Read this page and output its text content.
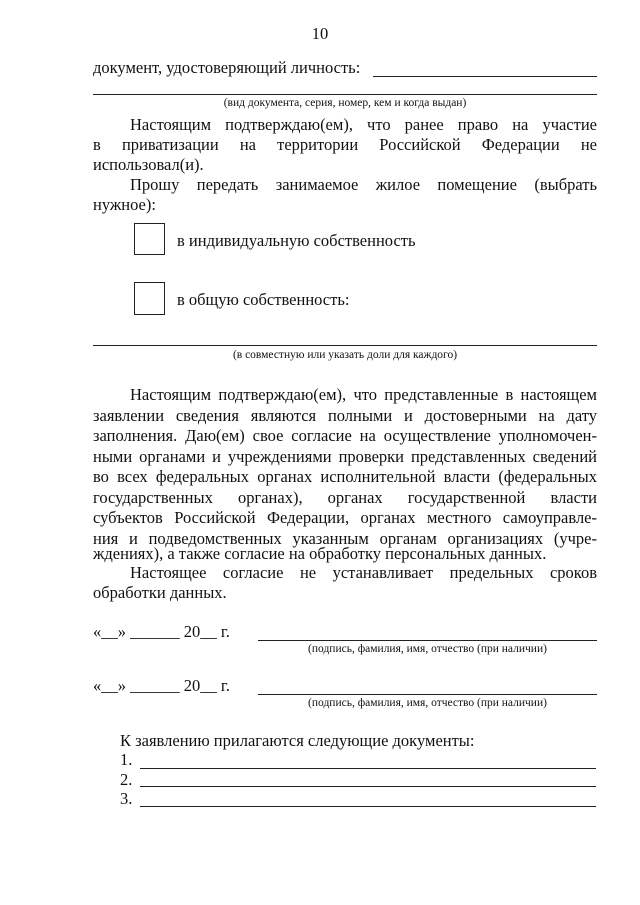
10
документ, удостоверяющий личность:
(вид документа, серия, номер, кем и когда выдан)
Настоящим подтверждаю(ем), что ранее право на участие
в приватизации на территории Российской Федерации не
использовал(и).
Прошу передать занимаемое жилое помещение (выбрать
нужное):
в индивидуальную собственность
в общую собственность:
(в совместную или указать доли для каждого)
Настоящим подтверждаю(ем), что представленные в настоящем
заявлении сведения являются полными и достоверными на дату
заполнения. Даю(ем) свое согласие на осуществление уполномочен-
ными органами и учреждениями проверки представленных сведений
во всех федеральных органах исполнительной власти (федеральных
государственных органах), органах государственной власти
субъектов Российской Федерации, органах местного самоуправле-
ния и подведомственных указанным органам организациях (учре-
ждениях), а также согласие на обработку персональных данных.
Настоящее согласие не устанавливает предельных сроков
обработки данных.
«__» ______ 20__ г.
(подпись, фамилия, имя, отчество (при наличии)
«__» ______ 20__ г.
(подпись, фамилия, имя, отчество (при наличии)
К заявлению прилагаются следующие документы:
1.
2.
3.
